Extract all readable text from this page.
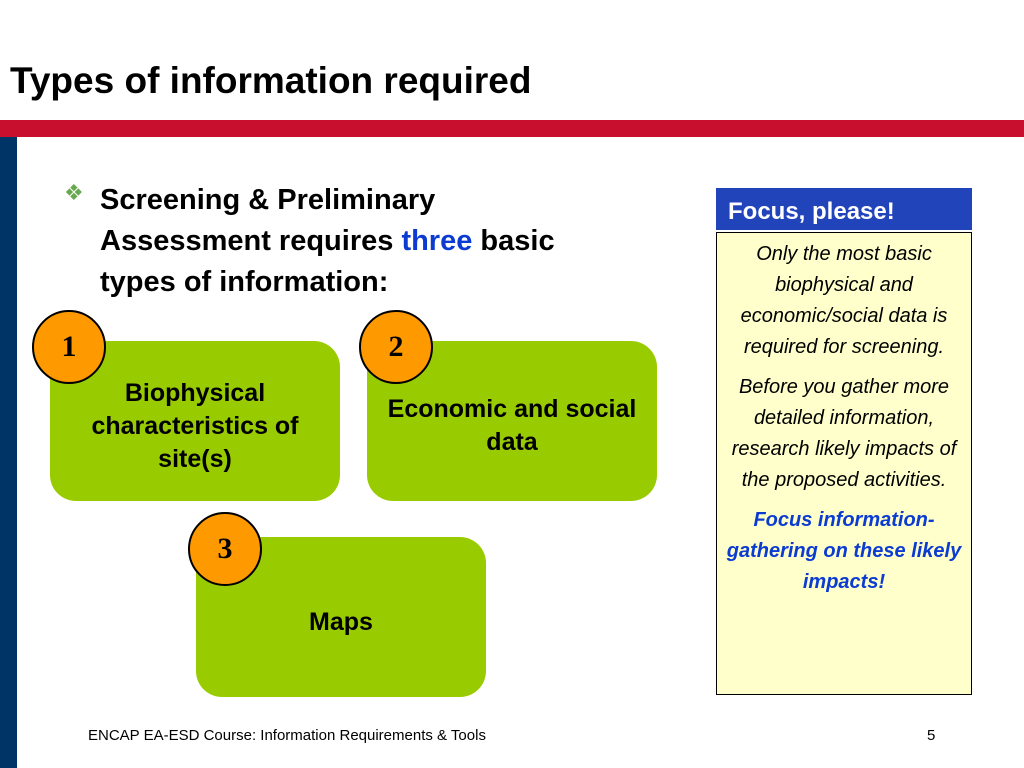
Types of information required
❖ Screening & Preliminary Assessment requires three basic types of information:
Biophysical characteristics of site(s)
Economic and social data
Maps
1	2
3
Focus, please!

Only the most basic biophysical and economic/social data is required for screening.

Before you gather more detailed information, research likely impacts of the proposed activities.

Focus information-gathering on these likely impacts!

ENCAP EA-ESD Course: Information Requirements & Tools	5
